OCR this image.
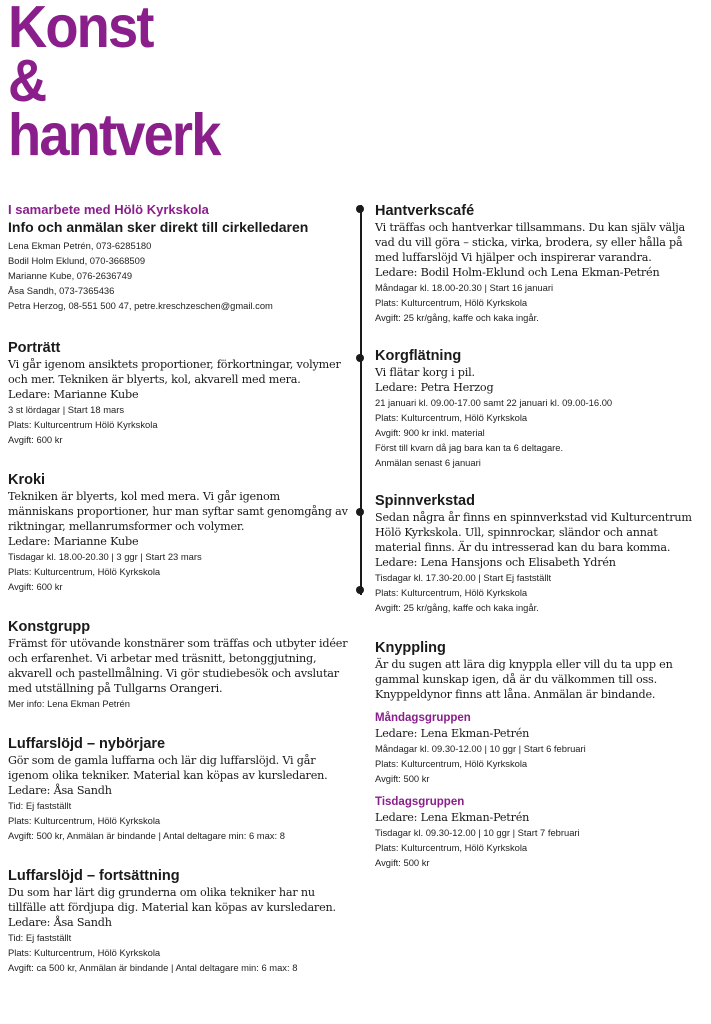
Konst
&
hantverk

I samarbete med Hölö Kyrkskola

Info och anmälan sker direkt till cirkelledaren

Lena Ekman Petrén, 073-6285180

Bodil Holm Eklund, 070-3668509

Marianne Kube, 076-2636749

Åsa Sandh, 073-7365436

Petra Herzog, 08-551 500 47, petre.kreschzeschen@gmail.com

Porträtt

Vi går igenom ansiktets proportioner, förkortningar, volymer och mer. Tekniken är blyerts, kol, akvarell med mera.

Ledare: Marianne Kube

3 st lördagar | Start 18 mars

Plats: Kulturcentrum Hölö Kyrkskola

Avgift: 600 kr

Kroki

Tekniken är blyerts, kol med mera. Vi går igenom människans proportioner, hur man syftar samt genomgång av riktningar, mellanrumsformer och volymer.

Ledare: Marianne Kube

Tisdagar kl. 18.00-20.30 | 3 ggr | Start 23 mars

Plats: Kulturcentrum, Hölö Kyrkskola

Avgift: 600 kr

Konstgrupp

Främst för utövande konstnärer som träffas och utbyter idéer och erfarenhet. Vi arbetar med träsnitt, betonggjutning, akvarell och pastellmålning. Vi gör studiebesök och avslutar med utställning på Tullgarns Orangeri.

Mer info: Lena Ekman Petrén

Luffarslöjd – nybörjare

Gör som de gamla luffarna och lär dig luffarslöjd. Vi går igenom olika tekniker. Material kan köpas av kursledaren.

Ledare: Åsa Sandh

Tid: Ej fastställt

Plats: Kulturcentrum, Hölö Kyrkskola

Avgift: 500 kr, Anmälan är bindande | Antal deltagare min: 6 max: 8

Luffarslöjd – fortsättning

Du som har lärt dig grunderna om olika tekniker har nu tillfälle att fördjupa dig. Material kan köpas av kursledaren.

Ledare: Åsa Sandh

Tid: Ej fastställt

Plats: Kulturcentrum, Hölö Kyrkskola

Avgift: ca 500 kr, Anmälan är bindande | Antal deltagare min: 6 max: 8

Hantverkscafé

Vi träffas och hantverkar tillsammans. Du kan själv välja vad du vill göra – sticka, virka, brodera, sy eller hålla på med luffarslöjd Vi hjälper och inspirerar varandra.

Ledare: Bodil Holm-Eklund och Lena Ekman-Petrén

Måndagar kl. 18.00-20.30 | Start 16 januari

Plats: Kulturcentrum, Hölö Kyrkskola

Avgift: 25 kr/gång, kaffe och kaka ingår.

Korgflätning

Vi flätar korg i pil.

Ledare: Petra Herzog

21 januari kl. 09.00-17.00 samt 22 januari kl. 09.00-16.00

Plats: Kulturcentrum, Hölö Kyrkskola

Avgift: 900 kr inkl. material

Först till kvarn då jag bara kan ta 6 deltagare.

Anmälan senast 6 januari

Spinnverkstad

Sedan några år finns en spinnverkstad vid Kulturcentrum Hölö Kyrkskola. Ull, spinnrockar, sländor och annat material finns. Är du intresserad kan du bara komma.

Ledare: Lena Hansjons och Elisabeth Ydrén

Tisdagar kl. 17.30-20.00 | Start Ej fastställt

Plats: Kulturcentrum, Hölö Kyrkskola

Avgift: 25 kr/gång, kaffe och kaka ingår.

Knyppling

Är du sugen att lära dig knyppla eller vill du ta upp en gammal kunskap igen, då är du välkommen till oss. Knyppeldynor finns att låna. Anmälan är bindande.

Måndagsgruppen

Ledare: Lena Ekman-Petrén

Måndagar kl. 09.30-12.00 | 10 ggr | Start 6 februari

Plats: Kulturcentrum, Hölö Kyrkskola

Avgift: 500 kr

Tisdagsgruppen

Ledare: Lena Ekman-Petrén

Tisdagar kl. 09.30-12.00 | 10 ggr | Start 7 februari

Plats: Kulturcentrum, Hölö Kyrkskola

Avgift: 500 kr
